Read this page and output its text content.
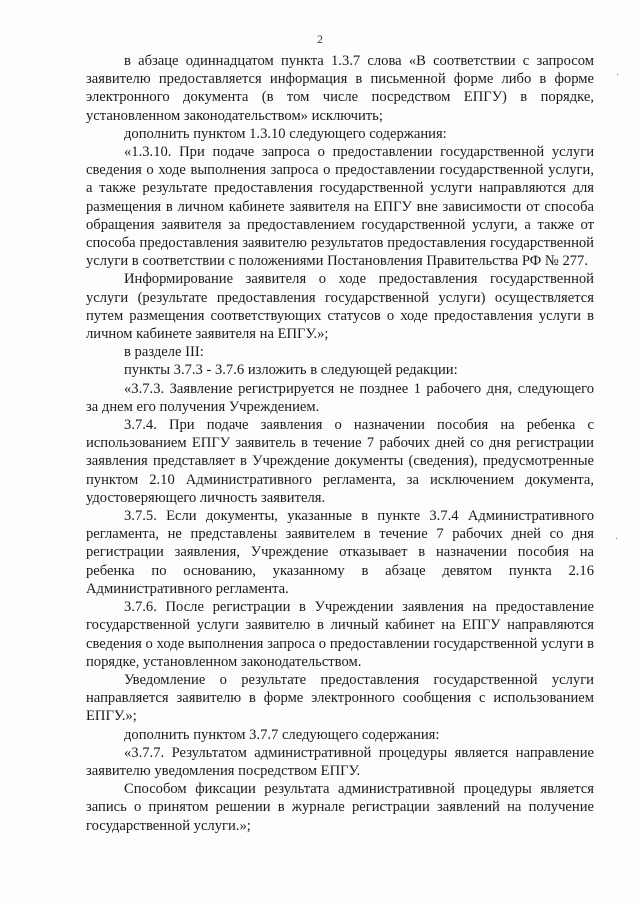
2

в абзаце одиннадцатом пункта 1.3.7 слова «В соответствии с запросом заявителю предоставляется информация в письменной форме либо в форме электронного документа (в том числе посредством ЕПГУ) в порядке, установленном законодательством» исключить;

дополнить пунктом 1.3.10 следующего содержания:

«1.3.10. При подаче запроса о предоставлении государственной услуги сведения о ходе выполнения запроса о предоставлении государственной услуги, а также результате предоставления государственной услуги направляются для размещения в личном кабинете заявителя на ЕПГУ вне зависимости от способа обращения заявителя за предоставлением государственной услуги, а также от способа предоставления заявителю результатов предоставления государственной услуги в соответствии с положениями Постановления Правительства РФ № 277.

Информирование заявителя о ходе предоставления государственной услуги (результате предоставления государственной услуги) осуществляется путем размещения соответствующих статусов о ходе предоставления услуги в личном кабинете заявителя на ЕПГУ.»;

в разделе III:

пункты 3.7.3 - 3.7.6 изложить в следующей редакции:

«3.7.3. Заявление регистрируется не позднее 1 рабочего дня, следующего за днем его получения Учреждением.

3.7.4. При подаче заявления о назначении пособия на ребенка с использованием ЕПГУ заявитель в течение 7 рабочих дней со дня регистрации заявления представляет в Учреждение документы (сведения), предусмотренные пунктом 2.10 Административного регламента, за исключением документа, удостоверяющего личность заявителя.

3.7.5. Если документы, указанные в пункте 3.7.4 Административного регламента, не представлены заявителем в течение 7 рабочих дней со дня регистрации заявления, Учреждение отказывает в назначении пособия на ребенка по основанию, указанному в абзаце девятом пункта 2.16 Административного регламента.

3.7.6. После регистрации в Учреждении заявления на предоставление государственной услуги заявителю в личный кабинет на ЕПГУ направляются сведения о ходе выполнения запроса о предоставлении государственной услуги в порядке, установленном законодательством.

Уведомление о результате предоставления государственной услуги направляется заявителю в форме электронного сообщения с использованием ЕПГУ.»;

дополнить пунктом 3.7.7 следующего содержания:

«3.7.7. Результатом административной процедуры является направление заявителю уведомления посредством ЕПГУ.

Способом фиксации результата административной процедуры является запись о принятом решении в журнале регистрации заявлений на получение государственной услуги.»;

·
·
